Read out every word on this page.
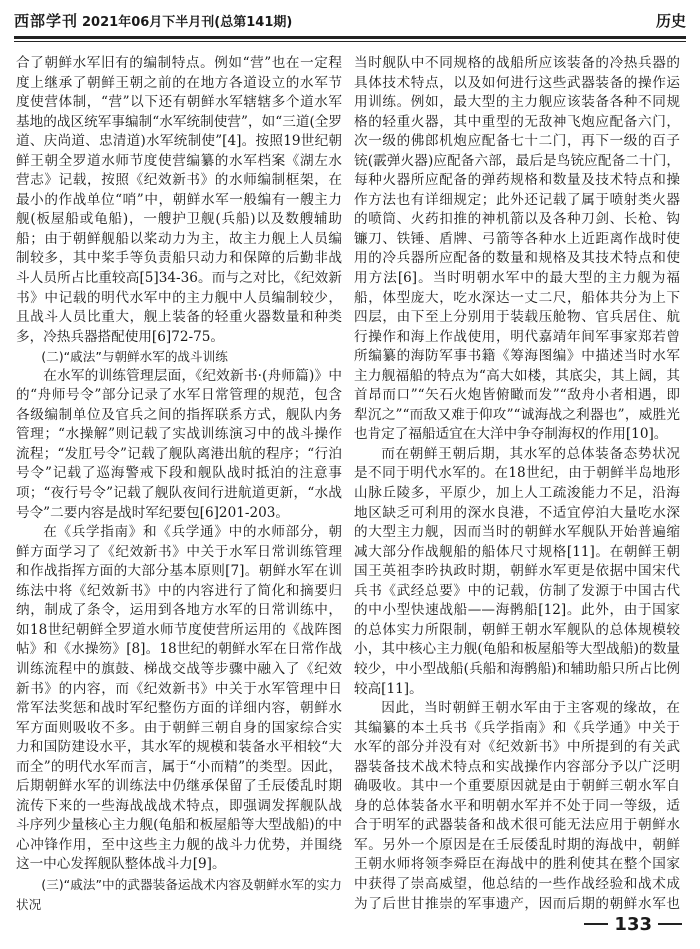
西部学刊 2021年06月下半月刊(总第141期)	历史

合了朝鲜水军旧有的编制特点。例如“营”也在一定程度上继承了朝鲜王朝之前的在地方各道设立的水军节度使营体制，“营”以下还有朝鲜水军辖辖多个道水军基地的战区统军事编制“水军统制使营”，如“三道(全罗道、庆尚道、忠清道)水军统制使”[4]。按照19世纪朝鲜王朝全罗道水师节度使营编纂的水军档案《湖左水营志》记载，按照《纪效新书》的水师编制框架，在最小的作战单位“哨”中，朝鲜水军一般编有一艘主力舰(板屋船或龟船)，一艘护卫舰(兵船)以及数艘辅助船；由于朝鲜舰船以桨动力为主，故主力舰上人员编制较多，其中桨手等负责船只动力和保障的后勤非战斗人员所占比重较高[5]34-36。而与之对比，《纪效新书》中记载的明代水军中的主力舰中人员编制较少，且战斗人员比重大，舰上装备的轻重火器数量和种类多，冷热兵器搭配使用[6]72-75。

(二)“戚法”与朝鲜水军的战斗训练

在水军的训练管理层面，《纪效新书·(舟师篇)》中的“舟师号令”部分记录了水军日常管理的规范，包含各级编制单位及官兵之间的指挥联系方式，舰队内务管理；“水操解”则记载了实战训练演习中的战斗操作流程；“发肛号令”记载了舰队离港出航的程序；“行泊号令”记载了巡海警戒下段和舰队战时抵泊的注意事项；“夜行号令”记载了舰队夜间行进航道更新，“水战号令”二要内容是战时军纪要包[6]201-203。

在《兵学指南》和《兵学通》中的水师部分，朝鲜方面学习了《纪效新书》中关于水军日常训练管理和作战指挥方面的大部分基本原则[7]。朝鲜水军在训练法中将《纪效新书》中的内容进行了简化和摘要归纳，制成了条令，运用到各地方水军的日常训练中，如18世纪朝鲜全罗道水师节度使营所运用的《战阵图帖》和《水操笏》[8]。18世纪的朝鲜水军在日常作战训练流程中的旗鼓、梯战交战等步骤中融入了《纪效新书》的内容，而《纪效新书》中关于水军管理中日常军法奖惩和战时军纪整伤方面的详细内容，朝鲜水军方面则吸收不多。由于朝鲜三朝自身的国家综合实力和国防建设水平，其水军的规模和装备水平相较“大而全”的明代水军而言，属于“小而精”的类型。因此，后期朝鲜水军的训练法中仍继承保留了壬辰倭乱时期流传下来的一些海战战战术特点，即强调发挥舰队战斗序列少量核心主力舰(龟船和板屋船等大型战船)的中心冲锋作用，至中这些主力舰的战斗力优势，并围绕这一中心发挥舰队整体战斗力[9]。

(三)“戚法”中的武器装备运战术内容及朝鲜水军的实力状况

当时舰队中不同规格的战船所应该装备的冷热兵器的具体技术特点，以及如何进行这些武器装备的操作运用训练。例如，最大型的主力舰应该装备各种不同规格的轻重火器，其中重型的无敌神飞炮应配备六门，次一级的佛郎机炮应配备七十二门，再下一级的百子铳(霰弹火器)应配备六部，最后是鸟铳应配备二十门，每种火器所应配备的弹药规格和数量及技术特点和操作方法也有详细规定；此外还记载了属于喷射类火器的喷筒、火药扣推的神机箭以及各种刀剑、长枪、钩镰刀、铁锤、盾牌、弓箭等各种水上近距离作战时使用的冷兵器所应配备的数量和规格及其技术特点和使用方法[6]。当时明朝水军中的最大型的主力舰为福船，体型庞大，吃水深达一丈二尺，船体共分为上下四层，由下至上分别用于装载压舱物、官兵居住、航行操作和海上作战使用，明代嘉靖年间军事家郑若曾所编纂的海防军事书籍《筹海图编》中描述当时水军主力舰福船的特点为“高大如楼，其底尖，其上阔，其首昂而口”“矢石火炮皆俯瞰而发”“敌舟小者相遇，即犁沉之”“而敌又难于仰攻”“诚海战之利器也”，威胜光也肯定了福船适宜在大洋中争夺制海权的作用[10]。

而在朝鲜王朝后期，其水军的总体装备态势状况是不同于明代水军的。在18世纪，由于朝鲜半岛地形山脉丘陵多，平原少，加上人工疏浚能力不足，沿海地区缺乏可利用的深水良港，不适宜停泊大量吃水深的大型主力舰，因而当时的朝鲜水军舰队开始普遍缩减大部分作战舰船的船体尺寸规格[11]。在朝鲜王朝国王英祖李昑执政时期，朝鲜水军更是依据中国宋代兵书《武经总要》中的记载，仿制了发源于中国古代的中小型快速战船——海鹘船[12]。此外，由于国家的总体实力所限制，朝鲜王朝水军舰队的总体规模较小，其中核心主力舰(龟船和板屋船等大型战船)的数量较少，中小型战船(兵船和海鹘船)和辅助船只所占比例较高[11]。

因此，当时朝鲜王朝水军由于主客观的缘故，在其编纂的本土兵书《兵学指南》和《兵学通》中关于水军的部分并没有对《纪效新书》中所提到的有关武器装备技术战术特点和实战操作内容部分予以广泛明确吸收。其中一个重要原因就是由于朝鲜三朝水军自身的总体装备水平和明朝水军并不处于同一等级，适合于明军的武器装备和战术很可能无法应用于朝鲜水军。另外一个原因是在壬辰倭乱时期的海战中，朝鲜王朝水师将领李舜臣在海战中的胜利使其在整个国家中获得了崇高威望，他总结的一些作战经验和战术成为了后世甘推崇的军事遗产，因而后期的朝鲜水军也

133
